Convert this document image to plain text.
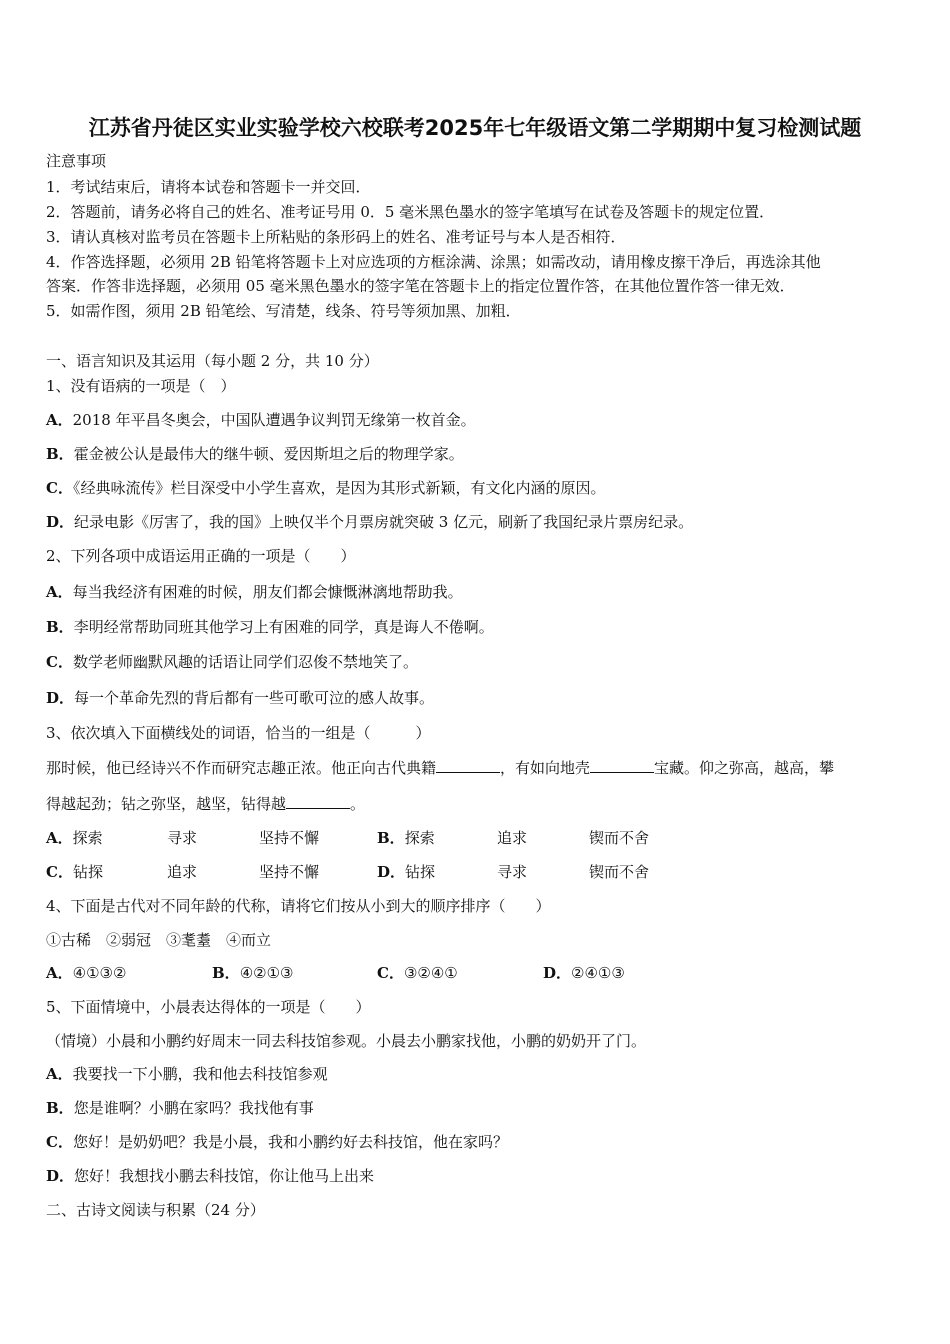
江苏省丹徒区实业实验学校六校联考2025年七年级语文第二学期期中复习检测试题
注意事项
1．考试结束后，请将本试卷和答题卡一并交回．
2．答题前，请务必将自己的姓名、准考证号用 0．5 毫米黑色墨水的签字笔填写在试卷及答题卡的规定位置．
3．请认真核对监考员在答题卡上所粘贴的条形码上的姓名、准考证号与本人是否相符．
4．作答选择题，必须用 2B 铅笔将答题卡上对应选项的方框涂满、涂黑；如需改动，请用橡皮擦干净后，再选涂其他
答案．作答非选择题，必须用 05 毫米黑色墨水的签字笔在答题卡上的指定位置作答，在其他位置作答一律无效．
5．如需作图，须用 2B 铅笔绘、写清楚，线条、符号等须加黑、加粗．
一、语言知识及其运用（每小题 2 分，共 10 分）
1、没有语病的一项是（　）
A．2018 年平昌冬奥会，中国队遭遇争议判罚无缘第一枚首金。
B．霍金被公认是最伟大的继牛顿、爱因斯坦之后的物理学家。
C．《经典咏流传》栏目深受中小学生喜欢，是因为其形式新颖，有文化内涵的原因。
D．纪录电影《厉害了，我的国》上映仅半个月票房就突破 3 亿元，刷新了我国纪录片票房纪录。
2、下列各项中成语运用正确的一项是（　　）
A．每当我经济有困难的时候，朋友们都会慷慨淋漓地帮助我。
B．李明经常帮助同班其他学习上有困难的同学，真是诲人不倦啊。
C．数学老师幽默风趣的话语让同学们忍俊不禁地笑了。
D．每一个革命先烈的背后都有一些可歌可泣的感人故事。
3、依次填入下面横线处的词语，恰当的一组是（　　　）
那时候，他已经诗兴不作而研究志趣正浓。他正向古代典籍	，有如向地壳	宝藏。仰之弥高，越高，攀
得越起劲；钻之弥坚，越坚，钻得越	。
A．探索	寻求	坚持不懈	B．探索	追求	锲而不舍
C．钻探	追求	坚持不懈	D．钻探	寻求	锲而不舍
4、下面是古代对不同年龄的代称，请将它们按从小到大的顺序排序（　　）
①古稀　②弱冠　③耄耋　④而立
A．④①③②	B．④②①③	C．③②④①	D．②④①③
5、下面情境中，小晨表达得体的一项是（　　）
（情境）小晨和小鹏约好周末一同去科技馆参观。小晨去小鹏家找他，小鹏的奶奶开了门。
A．我要找一下小鹏，我和他去科技馆参观
B．您是谁啊？小鹏在家吗？我找他有事
C．您好！是奶奶吧？我是小晨，我和小鹏约好去科技馆，他在家吗？
D．您好！我想找小鹏去科技馆，你让他马上出来
二、古诗文阅读与积累（24 分）
